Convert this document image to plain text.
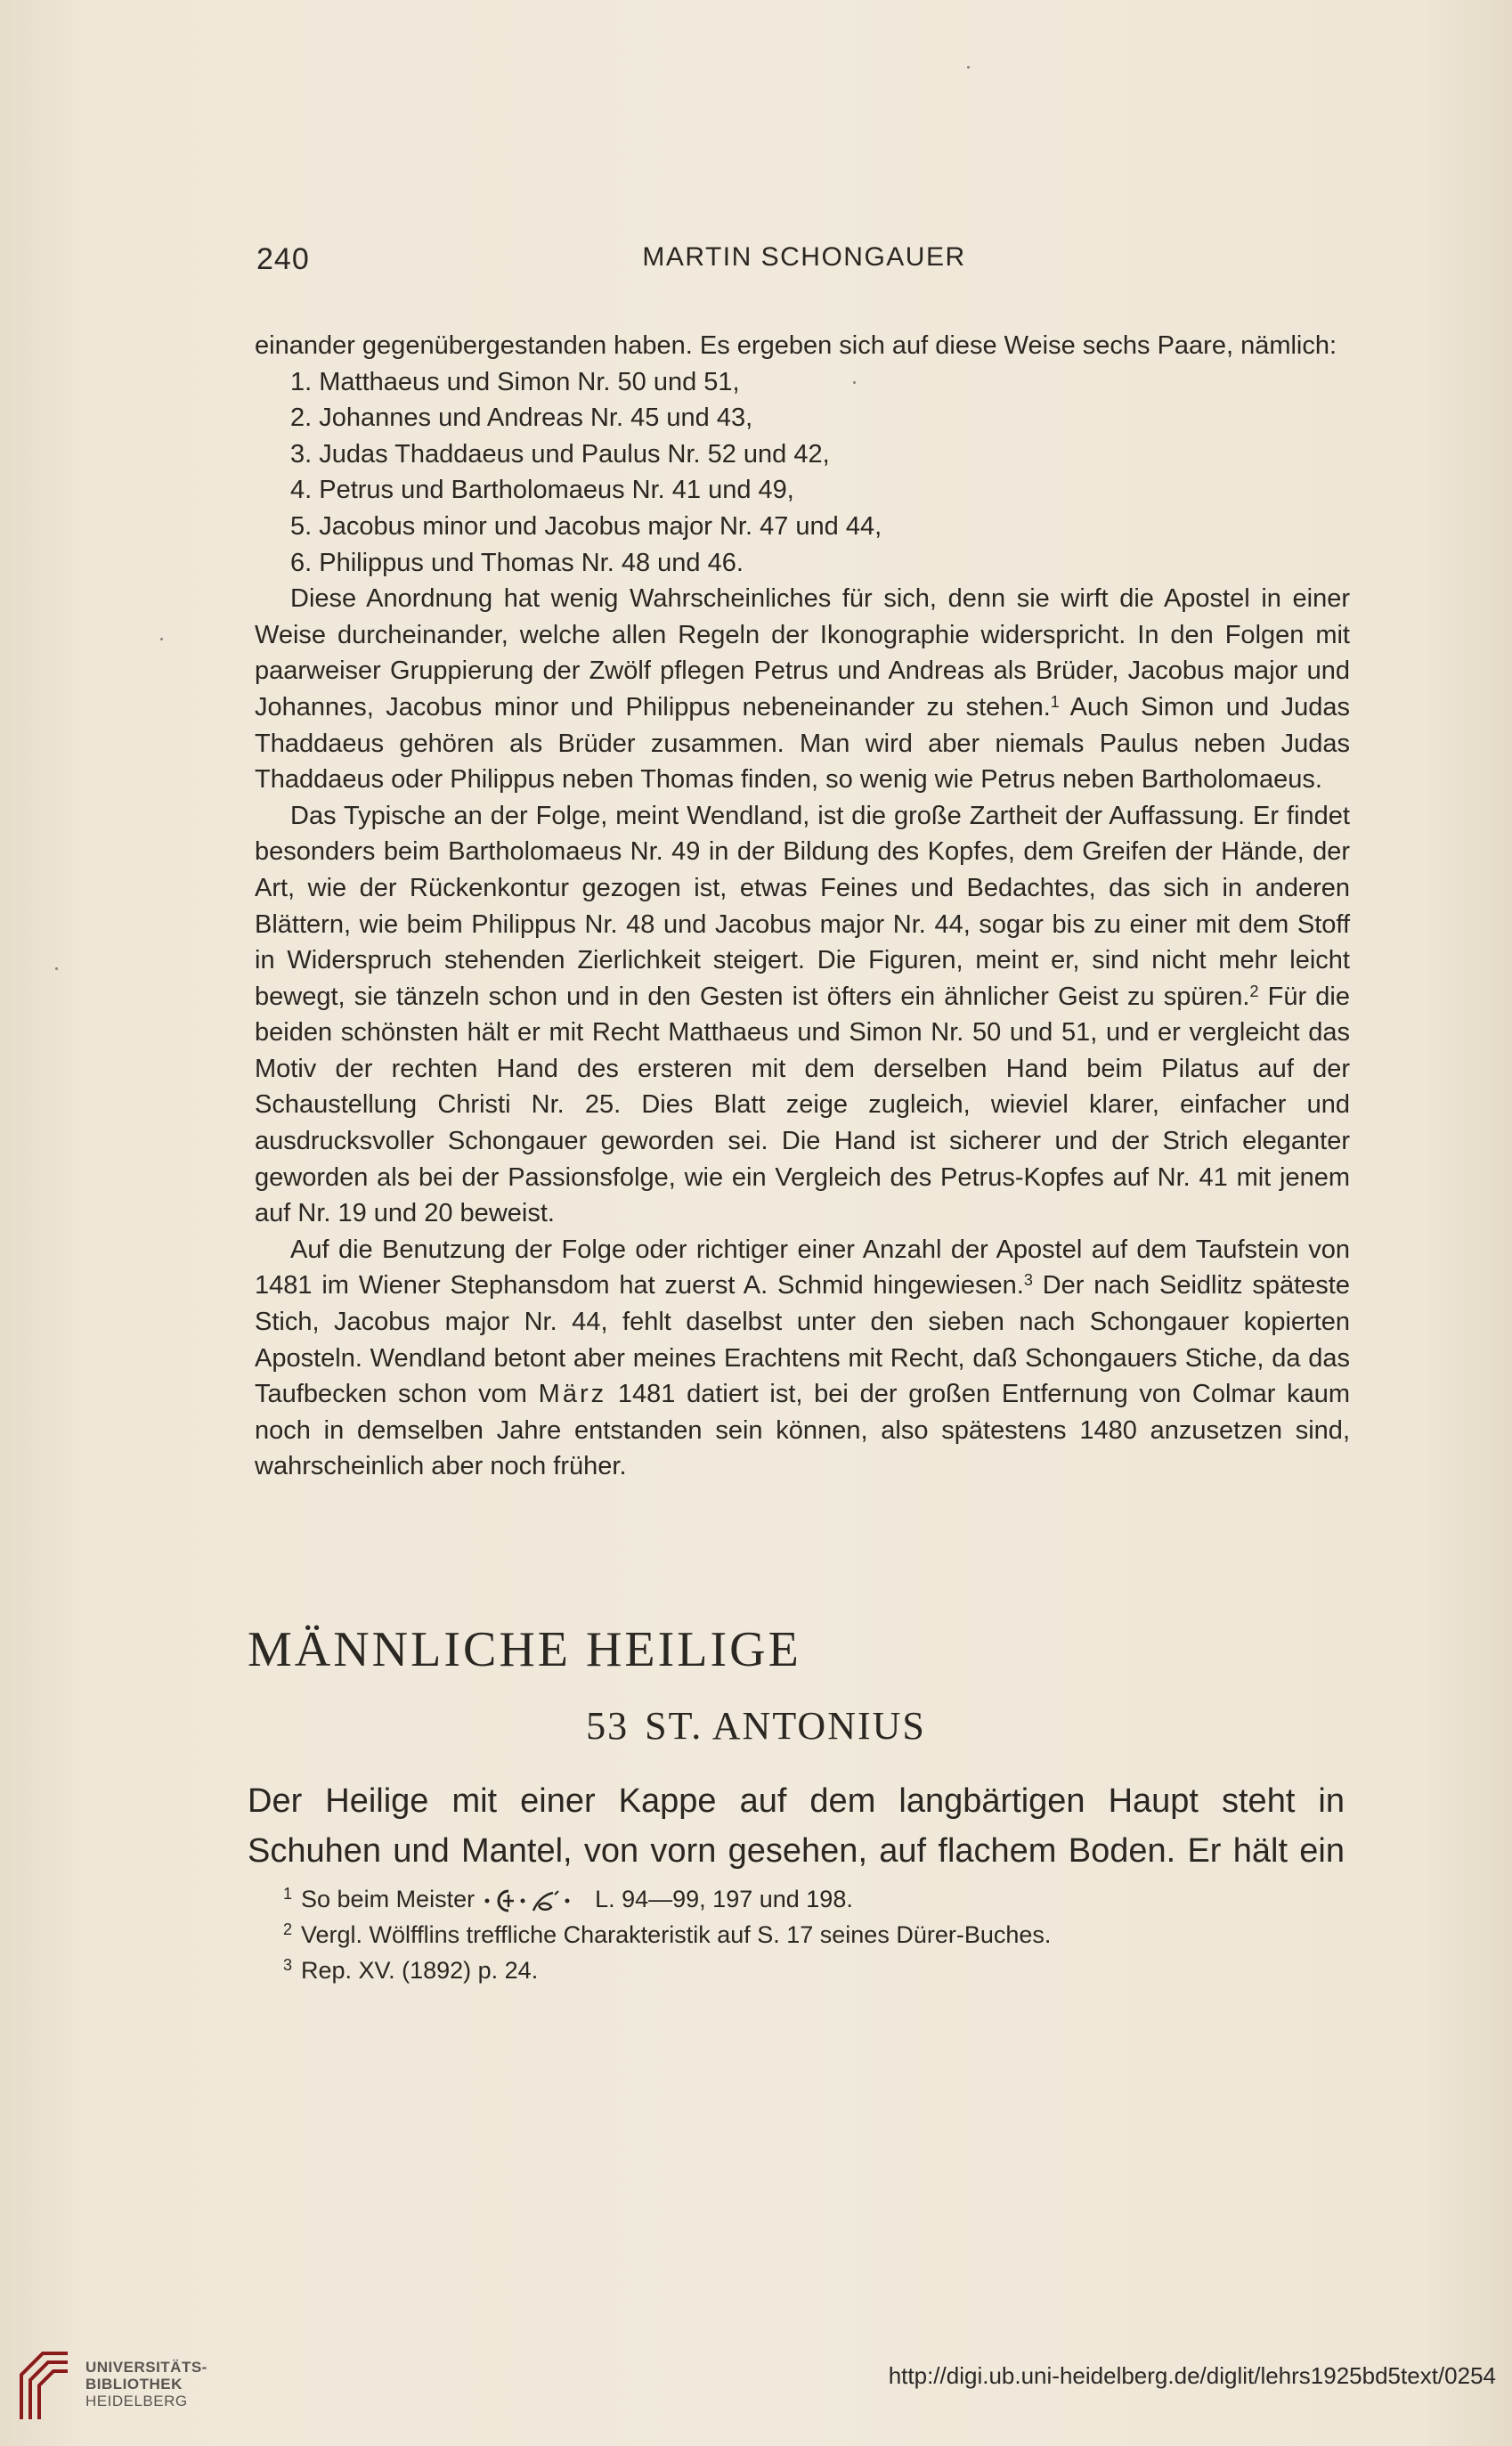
240	MARTIN SCHONGAUER

einander gegenübergestanden haben. Es ergeben sich auf diese Weise sechs Paare, nämlich:

1. Matthaeus und Simon Nr. 50 und 51,
2. Johannes und Andreas Nr. 45 und 43,
3. Judas Thaddaeus und Paulus Nr. 52 und 42,
4. Petrus und Bartholomaeus Nr. 41 und 49,
5. Jacobus minor und Jacobus major Nr. 47 und 44,
6. Philippus und Thomas Nr. 48 und 46.

Diese Anordnung hat wenig Wahrscheinliches für sich, denn sie wirft die Apostel in einer Weise durcheinander, welche allen Regeln der Ikonographie widerspricht. In den Folgen mit paarweiser Gruppierung der Zwölf pflegen Petrus und Andreas als Brüder, Jacobus major und Johannes, Jacobus minor und Philippus nebeneinander zu stehen.$^1$ Auch Simon und Judas Thaddaeus gehören als Brüder zusammen. Man wird aber niemals Paulus neben Judas Thaddaeus oder Philippus neben Thomas finden, so wenig wie Petrus neben Bartholomaeus.

Das Typische an der Folge, meint Wendland, ist die große Zartheit der Auffassung. Er findet besonders beim Bartholomaeus Nr. 49 in der Bildung des Kopfes, dem Greifen der Hände, der Art, wie der Rückenkontur gezogen ist, etwas Feines und Bedachtes, das sich in anderen Blättern, wie beim Philippus Nr. 48 und Jacobus major Nr. 44, sogar bis zu einer mit dem Stoff in Widerspruch stehenden Zierlichkeit steigert. Die Figuren, meint er, sind nicht mehr leicht bewegt, sie tänzeln schon und in den Gesten ist öfters ein ähnlicher Geist zu spüren.$^2$ Für die beiden schönsten hält er mit Recht Matthaeus und Simon Nr. 50 und 51, und er vergleicht das Motiv der rechten Hand des ersteren mit dem derselben Hand beim Pilatus auf der Schaustellung Christi Nr. 25. Dies Blatt zeige zugleich, wieviel klarer, einfacher und ausdrucksvoller Schongauer geworden sei. Die Hand ist sicherer und der Strich eleganter geworden als bei der Passionsfolge, wie ein Vergleich des Petrus-Kopfes auf Nr. 41 mit jenem auf Nr. 19 und 20 beweist.

Auf die Benutzung der Folge oder richtiger einer Anzahl der Apostel auf dem Taufstein von 1481 im Wiener Stephansdom hat zuerst A. Schmid hingewiesen.$^3$ Der nach Seidlitz späteste Stich, Jacobus major Nr. 44, fehlt daselbst unter den sieben nach Schongauer kopierten Aposteln. Wendland betont aber meines Erachtens mit Recht, daß Schongauers Stiche, da das Taufbecken schon vom März 1481 datiert ist, bei der großen Entfernung von Colmar kaum noch in demselben Jahre entstanden sein können, also spätestens 1480 anzusetzen sind, wahrscheinlich aber noch früher.

MÄNNLICHE HEILIGE
53 ST. ANTONIUS
Der Heilige mit einer Kappe auf dem langbärtigen Haupt steht in
Schuhen und Mantel, von vorn gesehen, auf flachem Boden. Er hält ein
$^1$ So beim Meister	L. 94—99, 197 und 198.
$^2$ Vergl. Wölfflins treffliche Charakteristik auf S. 17 seines Dürer-Buches.
$^3$ Rep. XV. (1892) p. 24.
UNIVERSITÄTS-
BIBLIOTHEK
HEIDELBERG
http://digi.ub.uni-heidelberg.de/diglit/lehrs1925bd5text/0254
